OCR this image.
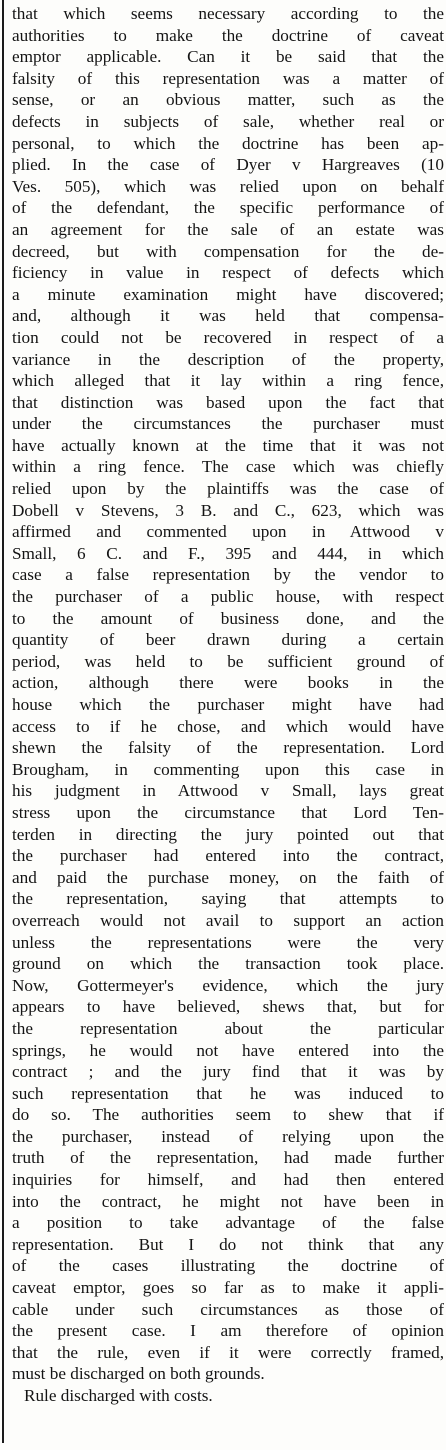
that which seems necessary according to the
authorities to make the doctrine of caveat
emptor applicable. Can it be said that the
falsity of this representation was a matter of
sense, or an obvious matter, such as the
defects in subjects of sale, whether real or
personal, to which the doctrine has been ap-
plied. In the case of Dyer v Hargreaves (10
Ves. 505), which was relied upon on behalf
of the defendant, the specific performance of
an agreement for the sale of an estate was
decreed, but with compensation for the de-
ficiency in value in respect of defects which
a minute examination might have discovered;
and, although it was held that compensa-
tion could not be recovered in respect of a
variance in the description of the property,
which alleged that it lay within a ring fence,
that distinction was based upon the fact that
under the circumstances the purchaser must
have actually known at the time that it was not
within a ring fence. The case which was chiefly
relied upon by the plaintiffs was the case of
Dobell v Stevens, 3 B. and C., 623, which was
affirmed and commented upon in Attwood v
Small, 6 C. and F., 395 and 444, in which
case a false representation by the vendor to
the purchaser of a public house, with respect
to the amount of business done, and the
quantity of beer drawn during a certain
period, was held to be sufficient ground of
action, although there were books in the
house which the purchaser might have had
access to if he chose, and which would have
shewn the falsity of the representation. Lord
Brougham, in commenting upon this case in
his judgment in Attwood v Small, lays great
stress upon the circumstance that Lord Ten-
terden in directing the jury pointed out that
the purchaser had entered into the contract,
and paid the purchase money, on the faith of
the representation, saying that attempts to
overreach would not avail to support an action
unless the representations were the very
ground on which the transaction took place.
Now, Gottermeyer's evidence, which the jury
appears to have believed, shews that, but for
the representation about the particular
springs, he would not have entered into the
contract ; and the jury find that it was by
such representation that he was induced to
do so. The authorities seem to shew that if
the purchaser, instead of relying upon the
truth of the representation, had made further
inquiries for himself, and had then entered
into the contract, he might not have been in
a position to take advantage of the false
representation. But I do not think that any
of the cases illustrating the doctrine of
caveat emptor, goes so far as to make it appli-
cable under such circumstances as those of
the present case. I am therefore of opinion
that the rule, even if it were correctly framed,
must be discharged on both grounds.
Rule discharged with costs.
